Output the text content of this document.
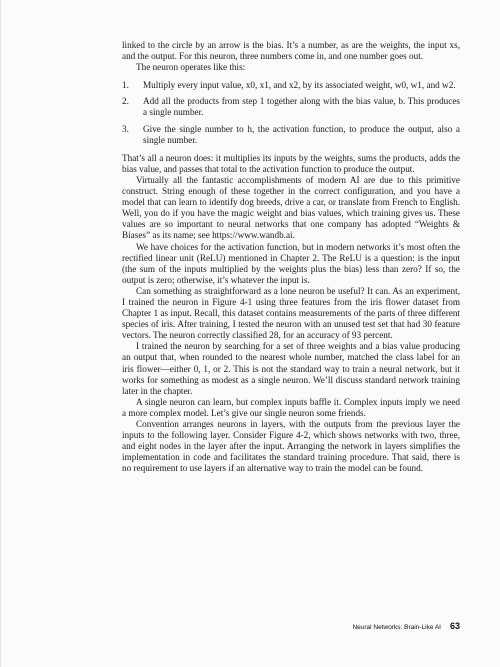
linked to the circle by an arrow is the bias. It’s a number, as are the weights, the input xs, and the output. For this neuron, three numbers come in, and one number goes out.

The neuron operates like this:

1. Multiply every input value, x0, x1, and x2, by its associated weight, w0, w1, and w2.
2. Add all the products from step 1 together along with the bias value, b. This produces a single number.
3. Give the single number to h, the activation function, to produce the output, also a single number.

That’s all a neuron does: it multiplies its inputs by the weights, sums the products, adds the bias value, and passes that total to the activation function to produce the output.

Virtually all the fantastic accomplishments of modern AI are due to this primitive construct. String enough of these together in the correct configuration, and you have a model that can learn to identify dog breeds, drive a car, or translate from French to English. Well, you do if you have the magic weight and bias values, which training gives us. These values are so important to neural networks that one company has adopted “Weights & Biases” as its name; see https://www.wandb.ai.

We have choices for the activation function, but in modern networks it’s most often the rectified linear unit (ReLU) mentioned in Chapter 2. The ReLU is a question: is the input (the sum of the inputs multiplied by the weights plus the bias) less than zero? If so, the output is zero; otherwise, it’s whatever the input is.

Can something as straightforward as a lone neuron be useful? It can. As an experiment, I trained the neuron in Figure 4-1 using three features from the iris flower dataset from Chapter 1 as input. Recall, this dataset contains measurements of the parts of three different species of iris. After training, I tested the neuron with an unused test set that had 30 feature vectors. The neuron correctly classified 28, for an accuracy of 93 percent.

I trained the neuron by searching for a set of three weights and a bias value producing an output that, when rounded to the nearest whole number, matched the class label for an iris flower—either 0, 1, or 2. This is not the standard way to train a neural network, but it works for something as modest as a single neuron. We’ll discuss standard network training later in the chapter.

A single neuron can learn, but complex inputs baffle it. Complex inputs imply we need a more complex model. Let’s give our single neuron some friends.

Convention arranges neurons in layers, with the outputs from the previous layer the inputs to the following layer. Consider Figure 4-2, which shows networks with two, three, and eight nodes in the layer after the input. Arranging the network in layers simplifies the implementation in code and facilitates the standard training procedure. That said, there is no requirement to use layers if an alternative way to train the model can be found.

Neural Networks: Brain-Like AI 63
